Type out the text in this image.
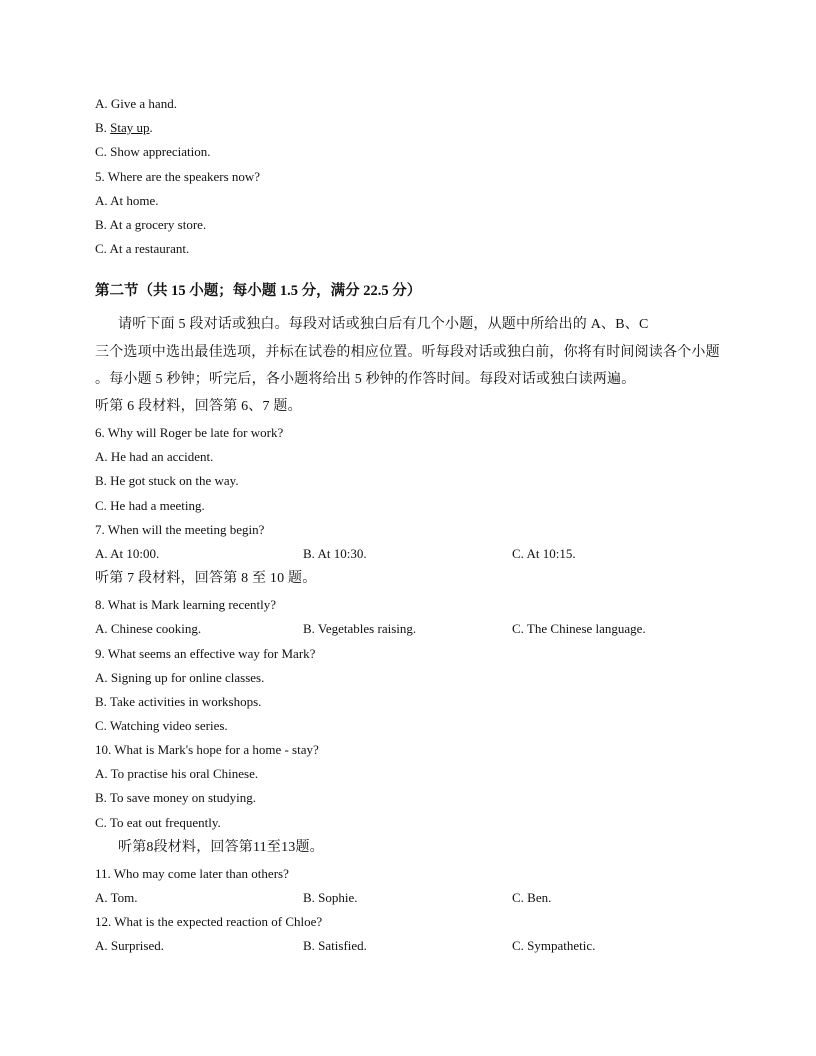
A. Give a hand.
B. Stay up.
C. Show appreciation.
5. Where are the speakers now?
A. At home.
B. At a grocery store.
C. At a restaurant.
第二节（共 15 小题；每小题 1.5 分，满分 22.5 分）
请听下面 5 段对话或独白。每段对话或独白后有几个小题，从题中所给出的 A、B、C
三个选项中选出最佳选项，并标在试卷的相应位置。听每段对话或独白前，你将有时间阅读各个小题
。每小题 5 秒钟；听完后，各小题将给出 5 秒钟的作答时间。每段对话或独白读两遍。
听第 6 段材料，回答第 6、7 题。
6. Why will Roger be late for work?
A. He had an accident.
B. He got stuck on the way.
C. He had a meeting.
7. When will the meeting begin?
A. At 10:00.	B. At 10:30.	C. At 10:15.
听第 7 段材料，回答第 8 至 10 题。
8. What is Mark learning recently?
A. Chinese cooking.	B. Vegetables raising.	C. The Chinese language.
9. What seems an effective way for Mark?
A. Signing up for online classes.
B. Take activities in workshops.
C. Watching video series.
10. What is Mark's hope for a home - stay?
A. To practise his oral Chinese.
B. To save money on studying.
C. To eat out frequently.
听第8段材料，回答第11至13题。
11. Who may come later than others?
A. Tom.	B. Sophie.	C. Ben.
12. What is the expected reaction of Chloe?
A. Surprised.	B. Satisfied.	C. Sympathetic.
